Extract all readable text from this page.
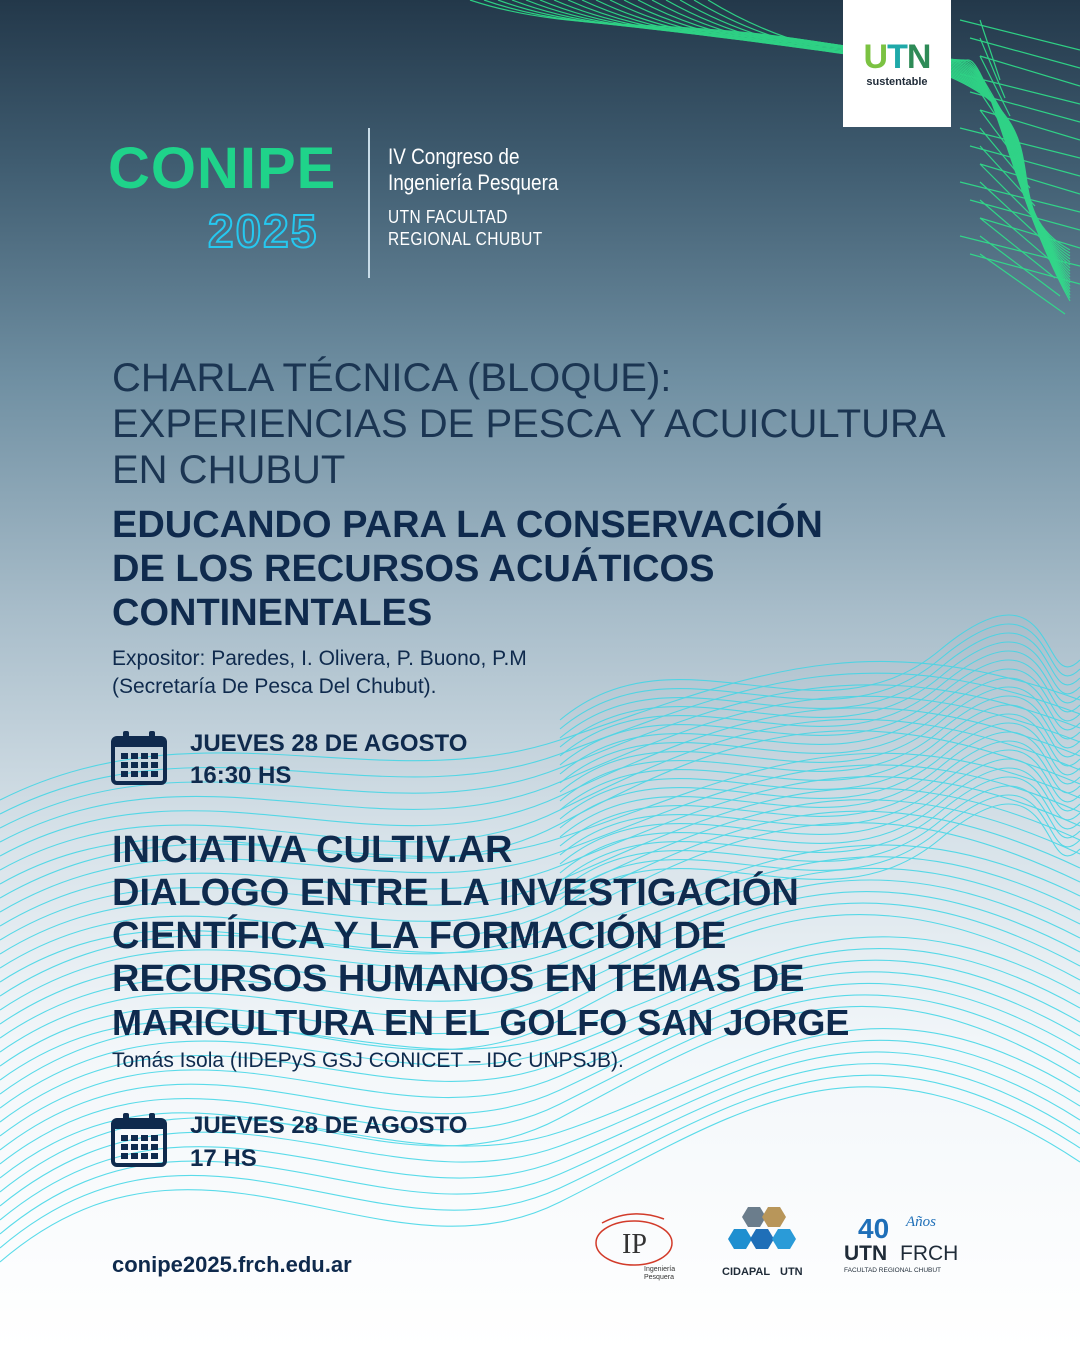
UTN
sustentable
CONIPE
2025
IV Congreso de
Ingeniería Pesquera
UTN FACULTAD
REGIONAL CHUBUT
CHARLA TÉCNICA (BLOQUE):
EXPERIENCIAS DE PESCA Y ACUICULTURA
EN CHUBUT
EDUCANDO PARA LA CONSERVACIÓN
DE LOS RECURSOS ACUÁTICOS
CONTINENTALES
Expositor: Paredes, I. Olivera, P. Buono, P.M
(Secretaría De Pesca Del Chubut).
JUEVES 28 DE AGOSTO
16:30 HS
INICIATIVA CULTIV.AR
DIALOGO ENTRE LA INVESTIGACIÓN
CIENTÍFICA Y LA FORMACIÓN DE
RECURSOS HUMANOS EN TEMAS DE
MARICULTURA EN EL GOLFO SAN JORGE
Tomás Isola (IIDEPyS GSJ CONICET – IDC UNPSJB).
JUEVES 28 DE AGOSTO
17 HS
conipe2025.frch.edu.ar
IP
Ingeniería
Pesquera	CIDAPAL UTN
40 Años
UTN FRCH
FACULTAD REGIONAL CHUBUT
